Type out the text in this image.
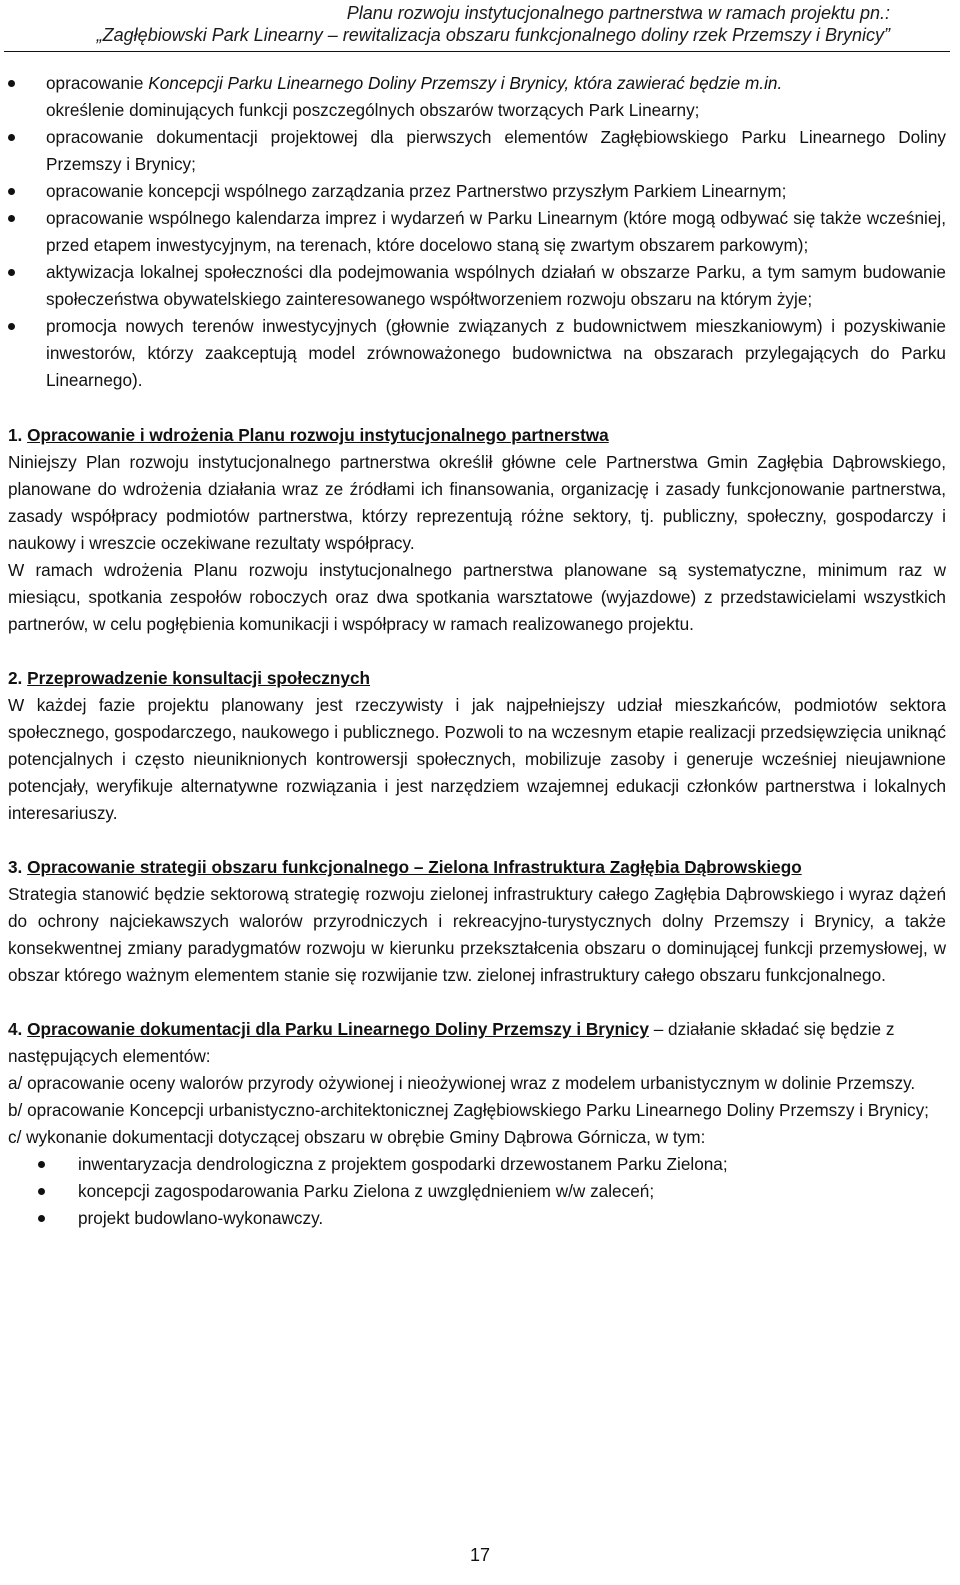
Planu rozwoju instytucjonalnego partnerstwa w ramach projektu pn.:
„Zagłębiowski Park Linearny – rewitalizacja obszaru funkcjonalnego doliny rzek Przemszy i Brynicy”
opracowanie Koncepcji Parku Linearnego Doliny Przemszy i Brynicy, która zawierać będzie m.in.
określenie dominujących funkcji poszczególnych obszarów tworzących Park Linearny;
opracowanie dokumentacji projektowej dla pierwszych elementów Zagłębiowskiego Parku Linearnego Doliny Przemszy i Brynicy;
opracowanie koncepcji wspólnego zarządzania przez Partnerstwo przyszłym Parkiem Linearnym;
opracowanie wspólnego kalendarza imprez i wydarzeń w Parku Linearnym (które mogą odbywać się także wcześniej, przed etapem inwestycyjnym, na terenach, które docelowo staną się zwartym obszarem parkowym);
aktywizacja lokalnej społeczności dla podejmowania wspólnych działań w obszarze Parku, a tym samym budowanie społeczeństwa obywatelskiego zainteresowanego współtworzeniem rozwoju obszaru na którym żyje;
promocja nowych terenów inwestycyjnych (głownie związanych z budownictwem mieszkaniowym) i pozyskiwanie inwestorów, którzy zaakceptują model zrównoważonego budownictwa na obszarach przylegających do Parku Linearnego).
1. Opracowanie i wdrożenia Planu rozwoju instytucjonalnego partnerstwa

Niniejszy Plan rozwoju instytucjonalnego partnerstwa określił główne cele Partnerstwa Gmin Zagłębia Dąbrowskiego, planowane do wdrożenia działania wraz ze źródłami ich finansowania, organizację i zasady funkcjonowanie partnerstwa, zasady współpracy podmiotów partnerstwa, którzy reprezentują różne sektory, tj. publiczny, społeczny, gospodarczy i naukowy i wreszcie oczekiwane rezultaty współpracy.

W ramach wdrożenia Planu rozwoju instytucjonalnego partnerstwa planowane są systematyczne, minimum raz w miesiącu, spotkania zespołów roboczych oraz dwa spotkania warsztatowe (wyjazdowe) z przedstawicielami wszystkich partnerów, w celu pogłębienia komunikacji i współpracy w ramach realizowanego projektu.

2. Przeprowadzenie konsultacji społecznych

W każdej fazie projektu planowany jest rzeczywisty i jak najpełniejszy udział mieszkańców, podmiotów sektora społecznego, gospodarczego, naukowego i publicznego. Pozwoli to na wczesnym etapie realizacji przedsięwzięcia uniknąć potencjalnych i często nieuniknionych kontrowersji społecznych, mobilizuje zasoby i generuje wcześniej nieujawnione potencjały, weryfikuje alternatywne rozwiązania i jest narzędziem wzajemnej edukacji członków partnerstwa i lokalnych interesariuszy.

3. Opracowanie strategii obszaru funkcjonalnego – Zielona Infrastruktura Zagłębia Dąbrowskiego

Strategia stanowić będzie sektorową strategię rozwoju zielonej infrastruktury całego Zagłębia Dąbrowskiego i wyraz dążeń do ochrony najciekawszych walorów przyrodniczych i rekreacyjno-turystycznych dolny Przemszy i Brynicy, a także konsekwentnej zmiany paradygmatów rozwoju w kierunku przekształcenia obszaru o dominującej funkcji przemysłowej, w obszar którego ważnym elementem stanie się rozwijanie tzw. zielonej infrastruktury całego obszaru funkcjonalnego.

4. Opracowanie dokumentacji dla Parku Linearnego Doliny Przemszy i Brynicy – działanie składać się będzie z następujących elementów:

a/ opracowanie oceny walorów przyrody ożywionej i nieożywionej wraz z modelem urbanistycznym w dolinie Przemszy.

b/ opracowanie Koncepcji urbanistyczno-architektonicznej Zagłębiowskiego Parku Linearnego Doliny Przemszy i Brynicy;

c/ wykonanie dokumentacji dotyczącej obszaru w obrębie Gminy Dąbrowa Górnicza, w tym:

inwentaryzacja dendrologiczna z projektem gospodarki drzewostanem Parku Zielona;
koncepcji zagospodarowania Parku Zielona z uwzględnieniem w/w zaleceń;
projekt budowlano-wykonawczy.
17
